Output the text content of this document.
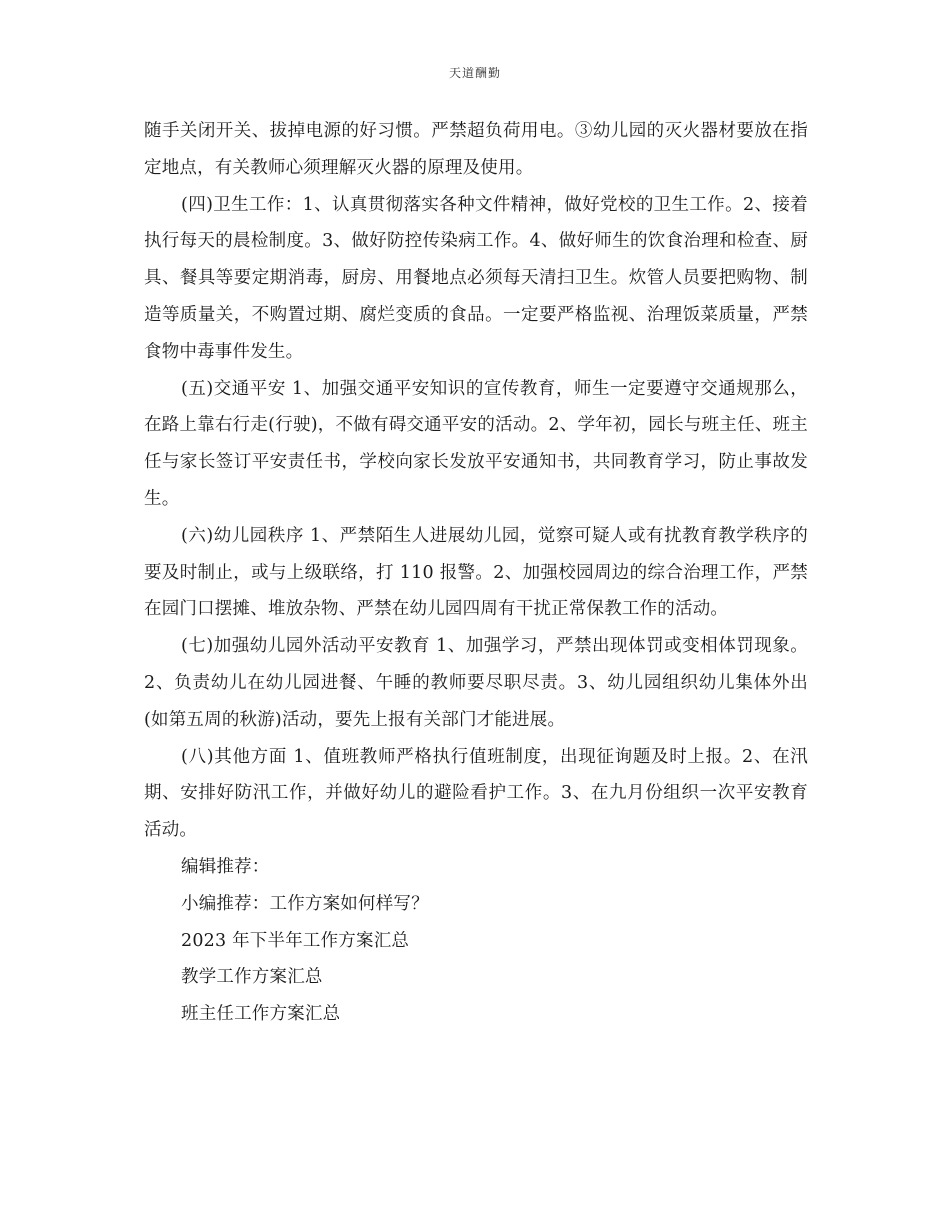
天道酬勤

随手关闭开关、拔掉电源的好习惯。严禁超负荷用电。③幼儿园的灭火器材要放在指定地点，有关教师心须理解灭火器的原理及使用。

(四)卫生工作：1、认真贯彻落实各种文件精神，做好党校的卫生工作。2、接着执行每天的晨检制度。3、做好防控传染病工作。4、做好师生的饮食治理和检查、厨具、餐具等要定期消毒，厨房、用餐地点必须每天清扫卫生。炊管人员要把购物、制造等质量关，不购置过期、腐烂变质的食品。一定要严格监视、治理饭菜质量，严禁食物中毒事件发生。

(五)交通平安 1、加强交通平安知识的宣传教育，师生一定要遵守交通规那么，在路上靠右行走(行驶)，不做有碍交通平安的活动。2、学年初，园长与班主任、班主任与家长签订平安责任书，学校向家长发放平安通知书，共同教育学习，防止事故发生。

(六)幼儿园秩序 1、严禁陌生人进展幼儿园，觉察可疑人或有扰教育教学秩序的要及时制止，或与上级联络，打 110 报警。2、加强校园周边的综合治理工作，严禁在园门口摆摊、堆放杂物、严禁在幼儿园四周有干扰正常保教工作的活动。

(七)加强幼儿园外活动平安教育 1、加强学习，严禁出现体罚或变相体罚现象。2、负责幼儿在幼儿园进餐、午睡的教师要尽职尽责。3、幼儿园组织幼儿集体外出(如第五周的秋游)活动，要先上报有关部门才能进展。

(八)其他方面 1、值班教师严格执行值班制度，出现征询题及时上报。2、在汛期、安排好防汛工作，并做好幼儿的避险看护工作。3、在九月份组织一次平安教育活动。

编辑推荐：

小编推荐：工作方案如何样写？

2023 年下半年工作方案汇总

教学工作方案汇总

班主任工作方案汇总
